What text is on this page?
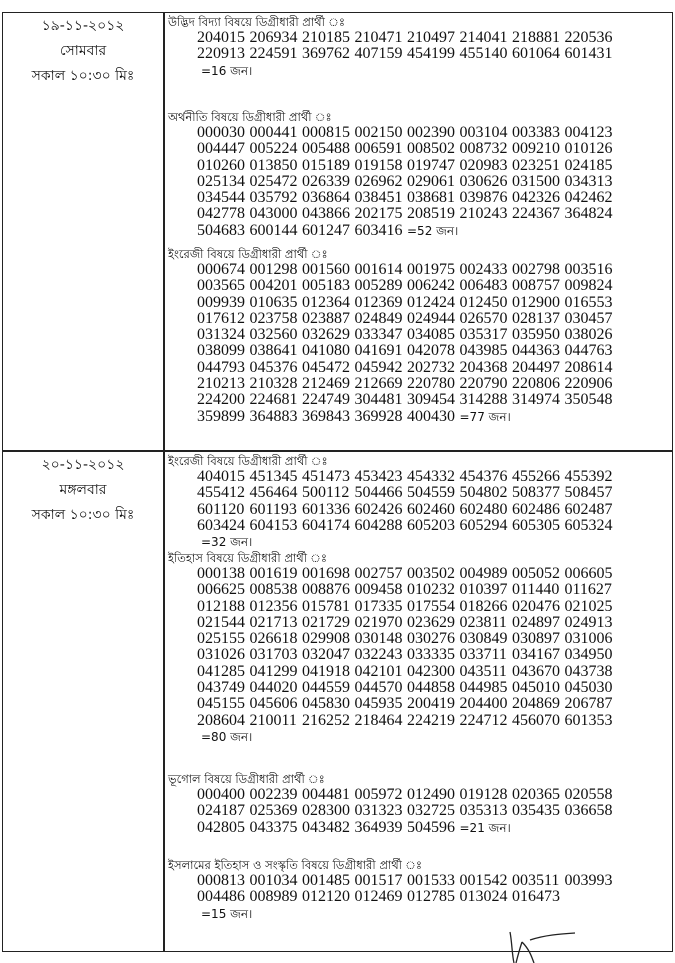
১৯-১১-২০১২
সোমবার
সকাল ১০:৩০ মিঃ
২০-১১-২০১২
মঙ্গলবার
সকাল ১০:৩০ মিঃ
উদ্ভিদ বিদ্যা বিষয়ে ডিগ্রীধারী প্রার্থী ঃ
204015 206934 210185 210471 210497 214041 218881 220536
220913 224591 369762 407159 454199 455140 601064 601431
=16 জন।
অর্থনীতি বিষয়ে ডিগ্রীধারী প্রার্থী ঃ
000030 000441 000815 002150 002390 003104 003383 004123
004447 005224 005488 006591 008502 008732 009210 010126
010260 013850 015189 019158 019747 020983 023251 024185
025134 025472 026339 026962 029061 030626 031500 034313
034544 035792 036864 038451 038681 039876 042326 042462
042778 043000 043866 202175 208519 210243 224367 364824
504683 600144 601247 603416 =52 জন।
ইংরেজী বিষয়ে ডিগ্রীধারী প্রার্থী ঃ
000674 001298 001560 001614 001975 002433 002798 003516
003565 004201 005183 005289 006242 006483 008757 009824
009939 010635 012364 012369 012424 012450 012900 016553
017612 023758 023887 024849 024944 026570 028137 030457
031324 032560 032629 033347 034085 035317 035950 038026
038099 038641 041080 041691 042078 043985 044363 044763
044793 045376 045472 045942 202732 204368 204497 208614
210213 210328 212469 212669 220780 220790 220806 220906
224200 224681 224749 304481 309454 314288 314974 350548
359899 364883 369843 369928 400430 =77 জন।
ইংরেজী বিষয়ে ডিগ্রীধারী প্রার্থী ঃ
404015 451345 451473 453423 454332 454376 455266 455392
455412 456464 500112 504466 504559 504802 508377 508457
601120 601193 601336 602426 602460 602480 602486 602487
603424 604153 604174 604288 605203 605294 605305 605324
=32 জন।
ইতিহাস বিষয়ে ডিগ্রীধারী প্রার্থী ঃ
000138 001619 001698 002757 003502 004989 005052 006605
006625 008538 008876 009458 010232 010397 011440 011627
012188 012356 015781 017335 017554 018266 020476 021025
021544 021713 021729 021970 023629 023811 024897 024913
025155 026618 029908 030148 030276 030849 030897 031006
031026 031703 032047 032243 033335 033711 034167 034950
041285 041299 041918 042101 042300 043511 043670 043738
043749 044020 044559 044570 044858 044985 045010 045030
045155 045606 045830 045935 200419 204400 204869 206787
208604 210011 216252 218464 224219 224712 456070 601353
=80 জন।
ভূগোল বিষয়ে ডিগ্রীধারী প্রার্থী ঃ
000400 002239 004481 005972 012490 019128 020365 020558
024187 025369 028300 031323 032725 035313 035435 036658
042805 043375 043482 364939 504596 =21 জন।
ইসলামের ইতিহাস ও সংস্কৃতি বিষয়ে ডিগ্রীধারী প্রার্থী ঃ
000813 001034 001485 001517 001533 001542 003511 003993
004486 008989 012120 012469 012785 013024 016473
=15 জন।
